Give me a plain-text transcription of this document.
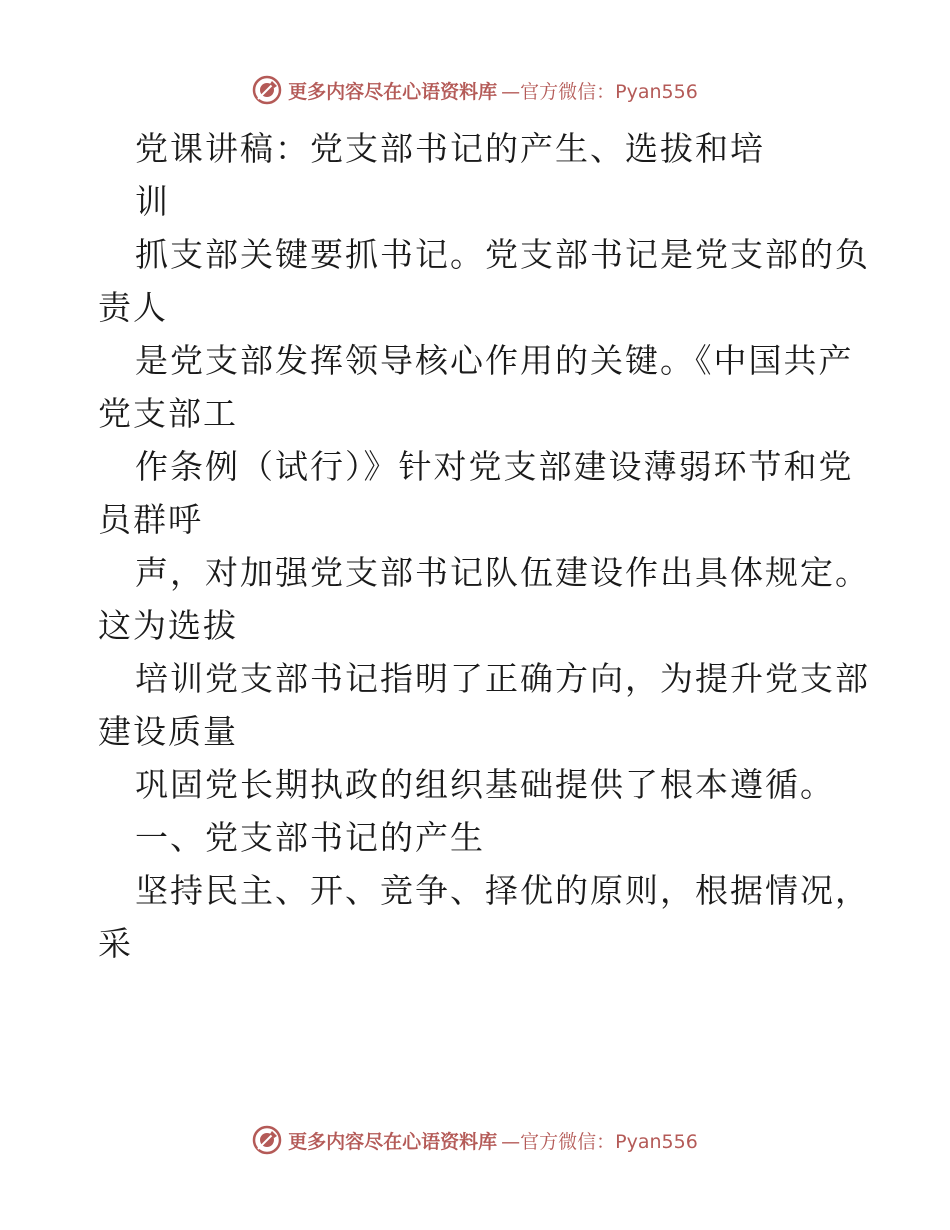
更多内容尽在心语资料库 —官方微信：Pyan556
党课讲稿：党支部书记的产生、选拔和培
训
抓支部关键要抓书记。党支部书记是党支部的负
责人
是党支部发挥领导核心作用的关键。《中国共产
党支部工
作条例（试行）》针对党支部建设薄弱环节和党
员群呼
声，对加强党支部书记队伍建设作出具体规定。
这为选拔
培训党支部书记指明了正确方向，为提升党支部
建设质量
巩固党长期执政的组织基础提供了根本遵循。
一、党支部书记的产生
坚持民主、开、竞争、择优的原则，根据情况，
采
更多内容尽在心语资料库 —官方微信：Pyan556
